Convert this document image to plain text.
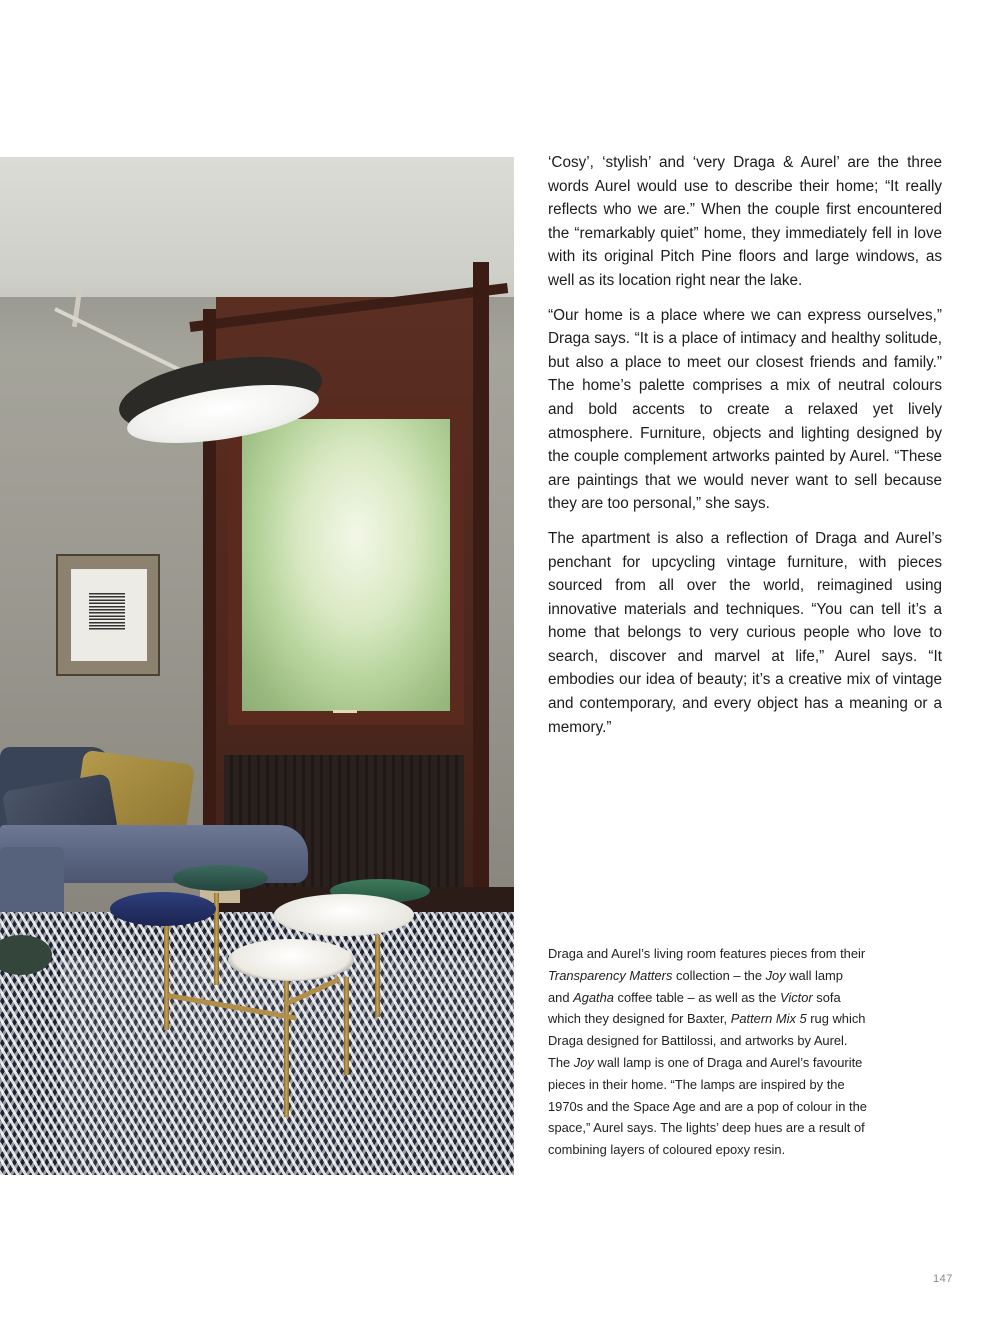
‘Cosy’, ‘stylish’ and ‘very Draga & Aurel’ are the three words Aurel would use to describe their home; “It really reflects who we are.” When the couple first encountered the “remarkably quiet” home, they immediately fell in love with its original Pitch Pine floors and large windows, as well as its location right near the lake.

“Our home is a place where we can express ourselves,” Draga says. “It is a place of intimacy and healthy solitude, but also a place to meet our closest friends and family.” The home’s palette comprises a mix of neutral colours and bold accents to create a relaxed yet lively atmosphere. Furniture, objects and lighting designed by the couple complement artworks painted by Aurel. “These are paintings that we would never want to sell because they are too personal,” she says.

The apartment is also a reflection of Draga and Aurel’s penchant for upcycling vintage furniture, with pieces sourced from all over the world, reimagined using innovative materials and techniques. “You can tell it’s a home that belongs to very curious people who love to search, discover and marvel at life,” Aurel says. “It embodies our idea of beauty; it’s a creative mix of vintage and contemporary, and every object has a meaning or a memory.”

Draga and Aurel’s living room features pieces from their Transparency Matters collection – the Joy wall lamp and Agatha coffee table – as well as the Victor sofa which they designed for Baxter, Pattern Mix 5 rug which Draga designed for Battilossi, and artworks by Aurel. The Joy wall lamp is one of Draga and Aurel’s favourite pieces in their home. “The lamps are inspired by the 1970s and the Space Age and are a pop of colour in the space,” Aurel says. The lights’ deep hues are a result of combining layers of coloured epoxy resin.
147
